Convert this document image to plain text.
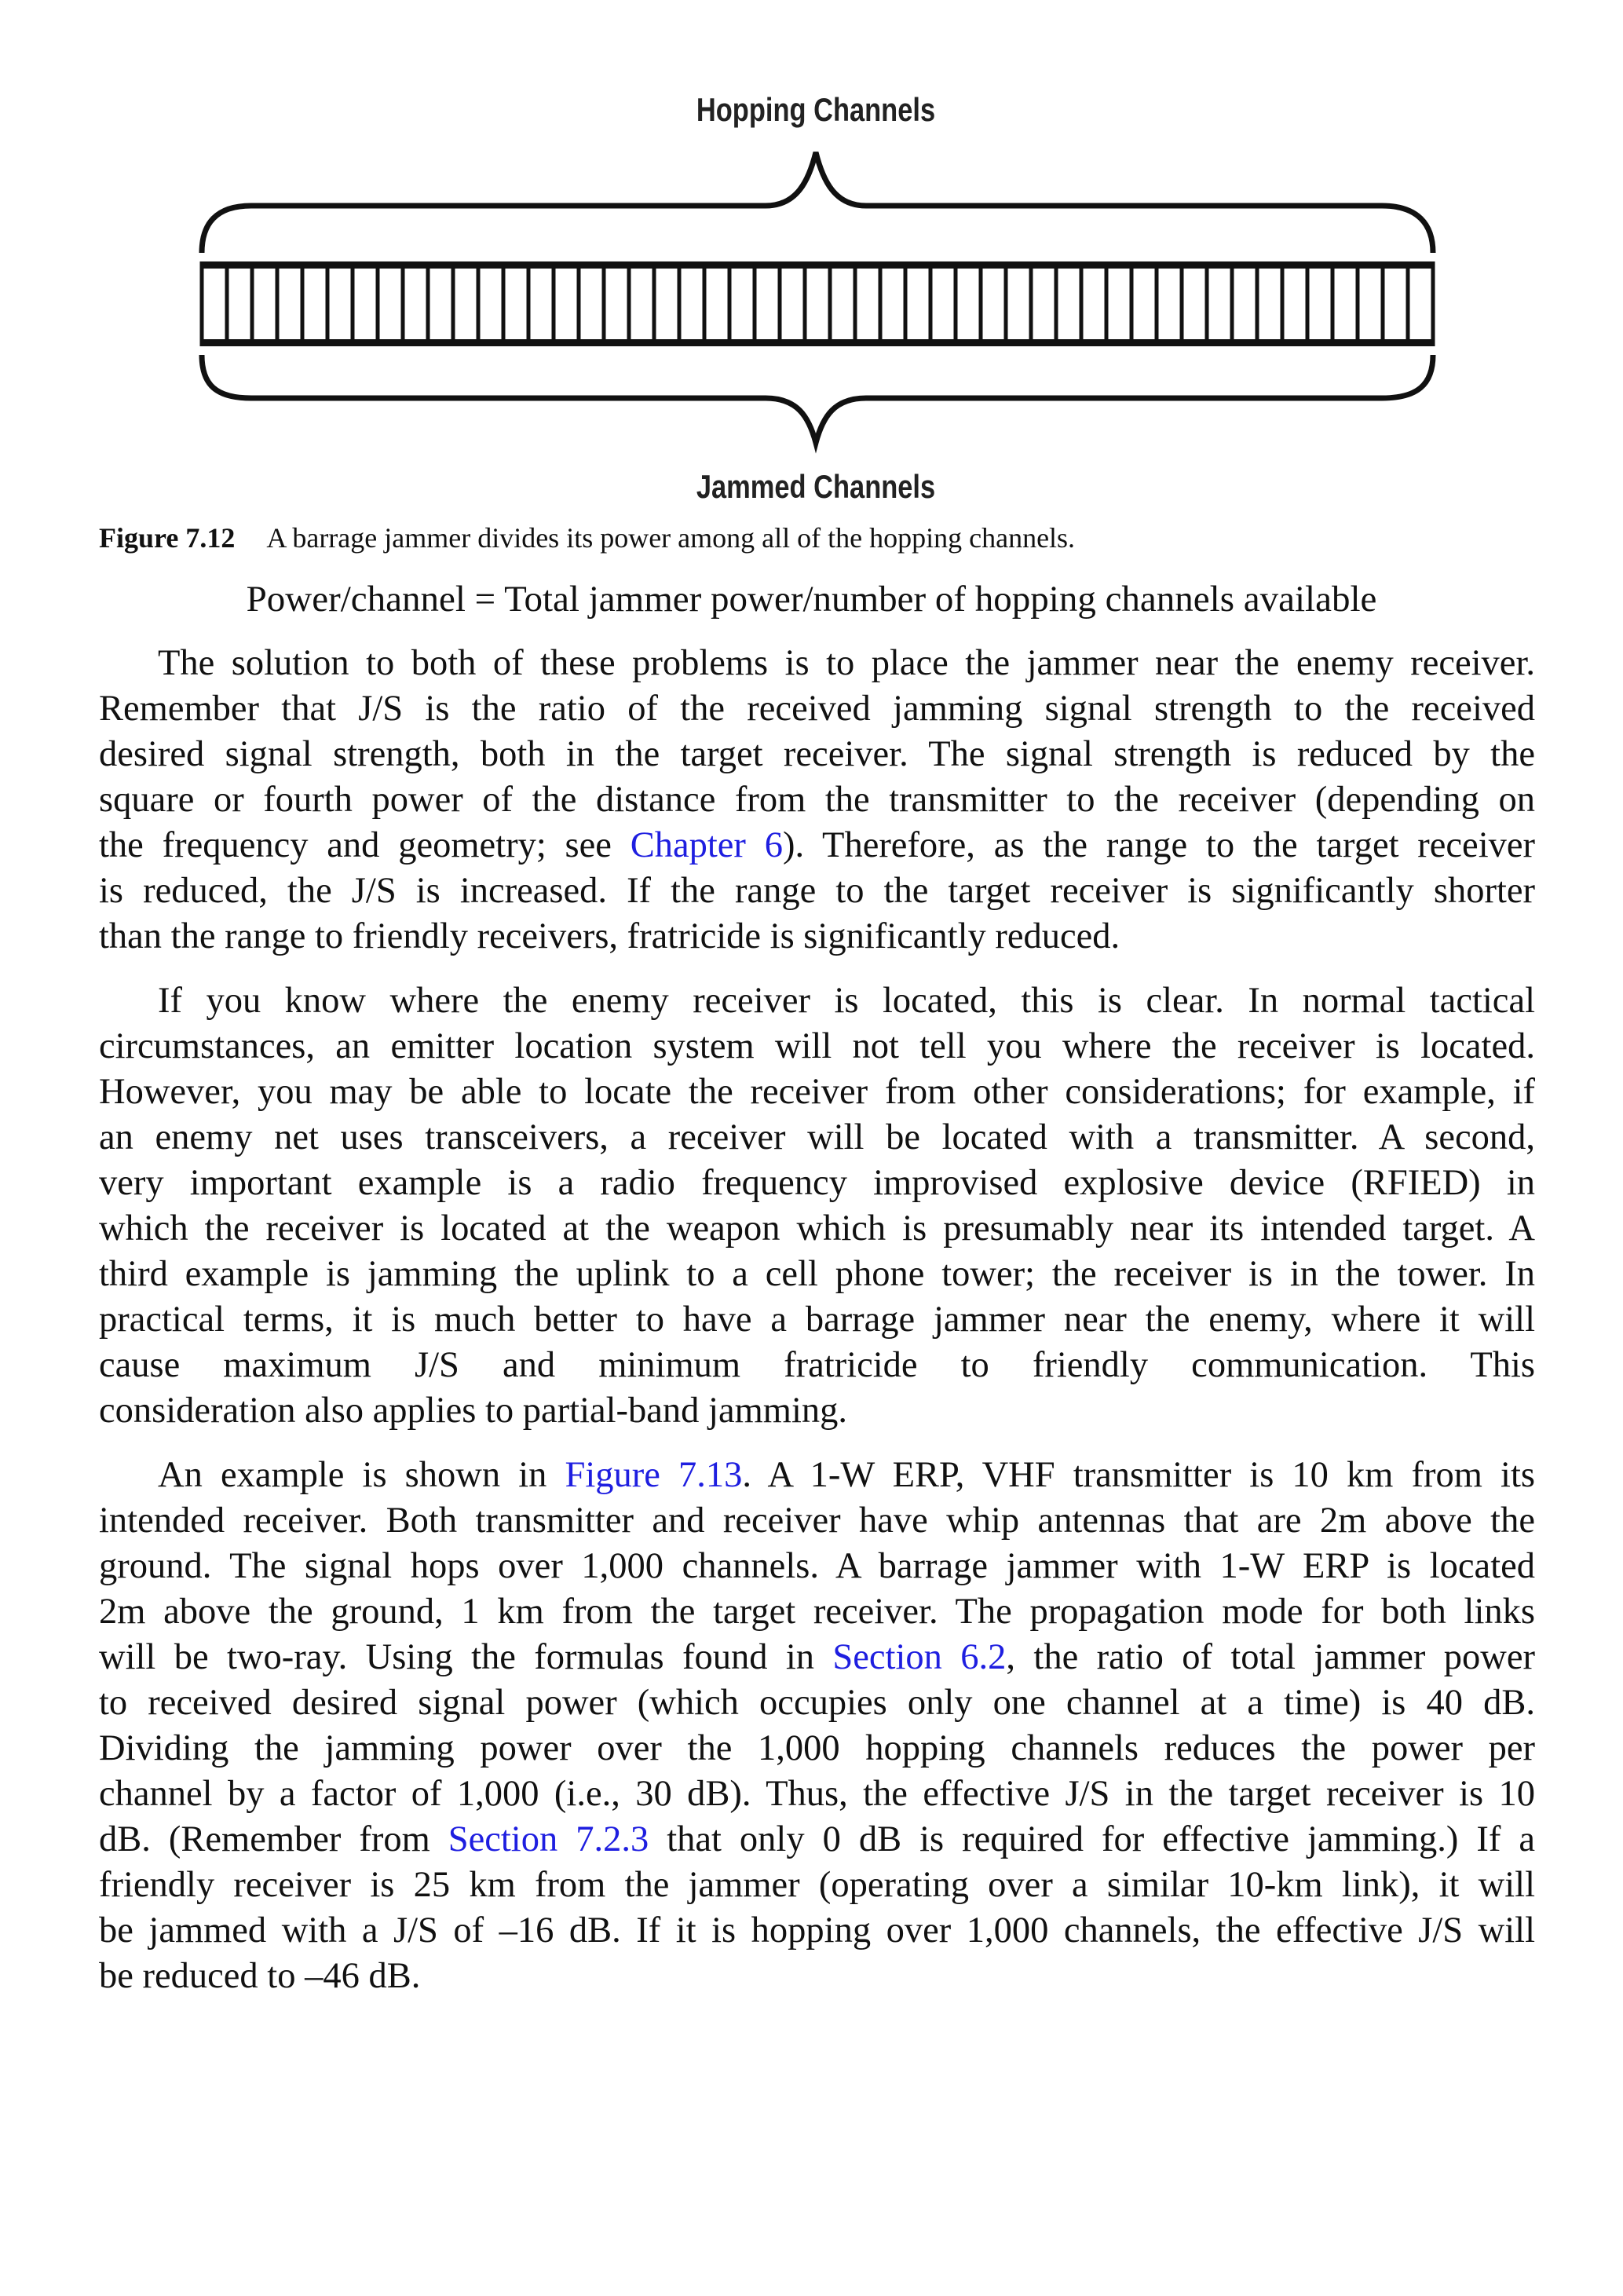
Hopping Channels
Jammed Channels
Figure 7.12 A barrage jammer divides its power among all of the hopping channels.
Power/channel = Total jammer power/number of hopping channels available
The solution to both of these problems is to place the jammer near the enemy receiver.
Remember that J/S is the ratio of the received jamming signal strength to the received
desired signal strength, both in the target receiver. The signal strength is reduced by the
square or fourth power of the distance from the transmitter to the receiver (depending on
the frequency and geometry; see Chapter 6). Therefore, as the range to the target receiver
is reduced, the J/S is increased. If the range to the target receiver is significantly shorter
than the range to friendly receivers, fratricide is significantly reduced.
If you know where the enemy receiver is located, this is clear. In normal tactical
circumstances, an emitter location system will not tell you where the receiver is located.
However, you may be able to locate the receiver from other considerations; for example, if
an enemy net uses transceivers, a receiver will be located with a transmitter. A second,
very important example is a radio frequency improvised explosive device (RFIED) in
which the receiver is located at the weapon which is presumably near its intended target. A
third example is jamming the uplink to a cell phone tower; the receiver is in the tower. In
practical terms, it is much better to have a barrage jammer near the enemy, where it will
cause maximum J/S and minimum fratricide to friendly communication. This
consideration also applies to partial-band jamming.
An example is shown in Figure 7.13. A 1-W ERP, VHF transmitter is 10 km from its
intended receiver. Both transmitter and receiver have whip antennas that are 2m above the
ground. The signal hops over 1,000 channels. A barrage jammer with 1-W ERP is located
2m above the ground, 1 km from the target receiver. The propagation mode for both links
will be two-ray. Using the formulas found in Section 6.2, the ratio of total jammer power
to received desired signal power (which occupies only one channel at a time) is 40 dB.
Dividing the jamming power over the 1,000 hopping channels reduces the power per
channel by a factor of 1,000 (i.e., 30 dB). Thus, the effective J/S in the target receiver is 10
dB. (Remember from Section 7.2.3 that only 0 dB is required for effective jamming.) If a
friendly receiver is 25 km from the jammer (operating over a similar 10-km link), it will
be jammed with a J/S of –16 dB. If it is hopping over 1,000 channels, the effective J/S will
be reduced to –46 dB.
